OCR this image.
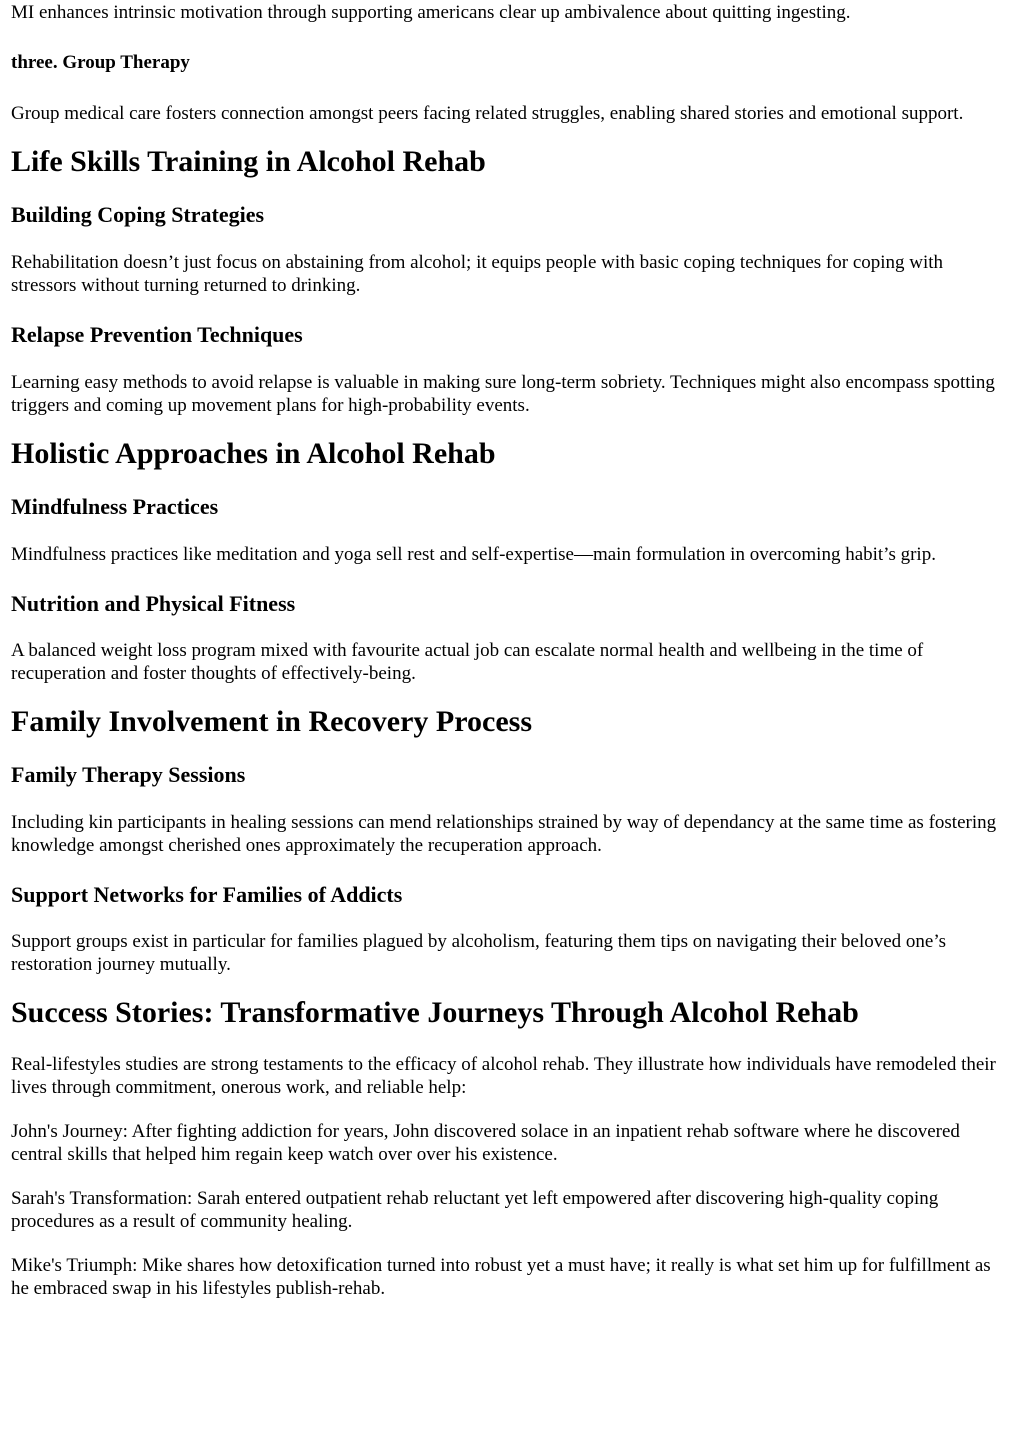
MI enhances intrinsic motivation through supporting americans clear up ambivalence about quitting ingesting.

three. Group Therapy

Group medical care fosters connection amongst peers facing related struggles, enabling shared stories and emotional support.

Life Skills Training in Alcohol Rehab
Building Coping Strategies

Rehabilitation doesn’t just focus on abstaining from alcohol; it equips people with basic coping techniques for coping with stressors without turning returned to drinking.

Relapse Prevention Techniques

Learning easy methods to avoid relapse is valuable in making sure long-term sobriety. Techniques might also encompass spotting triggers and coming up movement plans for high-probability events.

Holistic Approaches in Alcohol Rehab
Mindfulness Practices

Mindfulness practices like meditation and yoga sell rest and self-expertise—main formulation in overcoming habit’s grip.

Nutrition and Physical Fitness

A balanced weight loss program mixed with favourite actual job can escalate normal health and wellbeing in the time of recuperation and foster thoughts of effectively-being.

Family Involvement in Recovery Process
Family Therapy Sessions

Including kin participants in healing sessions can mend relationships strained by way of dependancy at the same time as fostering knowledge amongst cherished ones approximately the recuperation approach.

Support Networks for Families of Addicts

Support groups exist in particular for families plagued by alcoholism, featuring them tips on navigating their beloved one’s restoration journey mutually.

Success Stories: Transformative Journeys Through Alcohol Rehab

Real-lifestyles studies are strong testaments to the efficacy of alcohol rehab. They illustrate how individuals have remodeled their lives through commitment, onerous work, and reliable help:

John's Journey: After fighting addiction for years, John discovered solace in an inpatient rehab software where he discovered central skills that helped him regain keep watch over over his existence.

Sarah's Transformation: Sarah entered outpatient rehab reluctant yet left empowered after discovering high-quality coping procedures as a result of community healing.

Mike's Triumph: Mike shares how detoxification turned into robust yet a must have; it really is what set him up for fulfillment as he embraced swap in his lifestyles publish-rehab.
